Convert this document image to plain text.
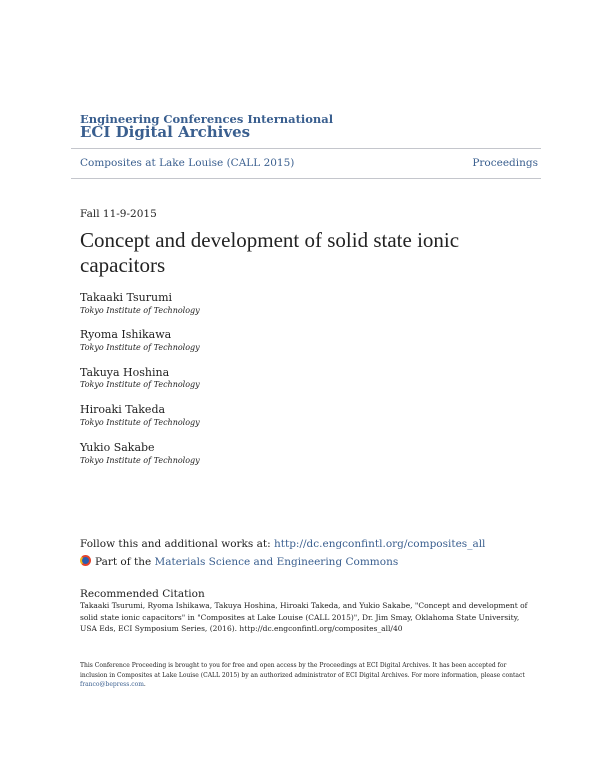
Engineering Conferences International
ECI Digital Archives
Composites at Lake Louise (CALL 2015)	Proceedings
Fall 11-9-2015
Concept and development of solid state ionic capacitors
Takaaki Tsurumi
Tokyo Institute of Technology
Ryoma Ishikawa
Tokyo Institute of Technology
Takuya Hoshina
Tokyo Institute of Technology
Hiroaki Takeda
Tokyo Institute of Technology
Yukio Sakabe
Tokyo Institute of Technology
Follow this and additional works at: http://dc.engconfintl.org/composites_all
Part of the Materials Science and Engineering Commons
Recommended Citation
Takaaki Tsurumi, Ryoma Ishikawa, Takuya Hoshina, Hiroaki Takeda, and Yukio Sakabe, "Concept and development of solid state ionic capacitors" in "Composites at Lake Louise (CALL 2015)", Dr. Jim Smay, Oklahoma State University, USA Eds, ECI Symposium Series, (2016). http://dc.engconfintl.org/composites_all/40
This Conference Proceeding is brought to you for free and open access by the Proceedings at ECI Digital Archives. It has been accepted for inclusion in Composites at Lake Louise (CALL 2015) by an authorized administrator of ECI Digital Archives. For more information, please contact
franco@bepress.com.
